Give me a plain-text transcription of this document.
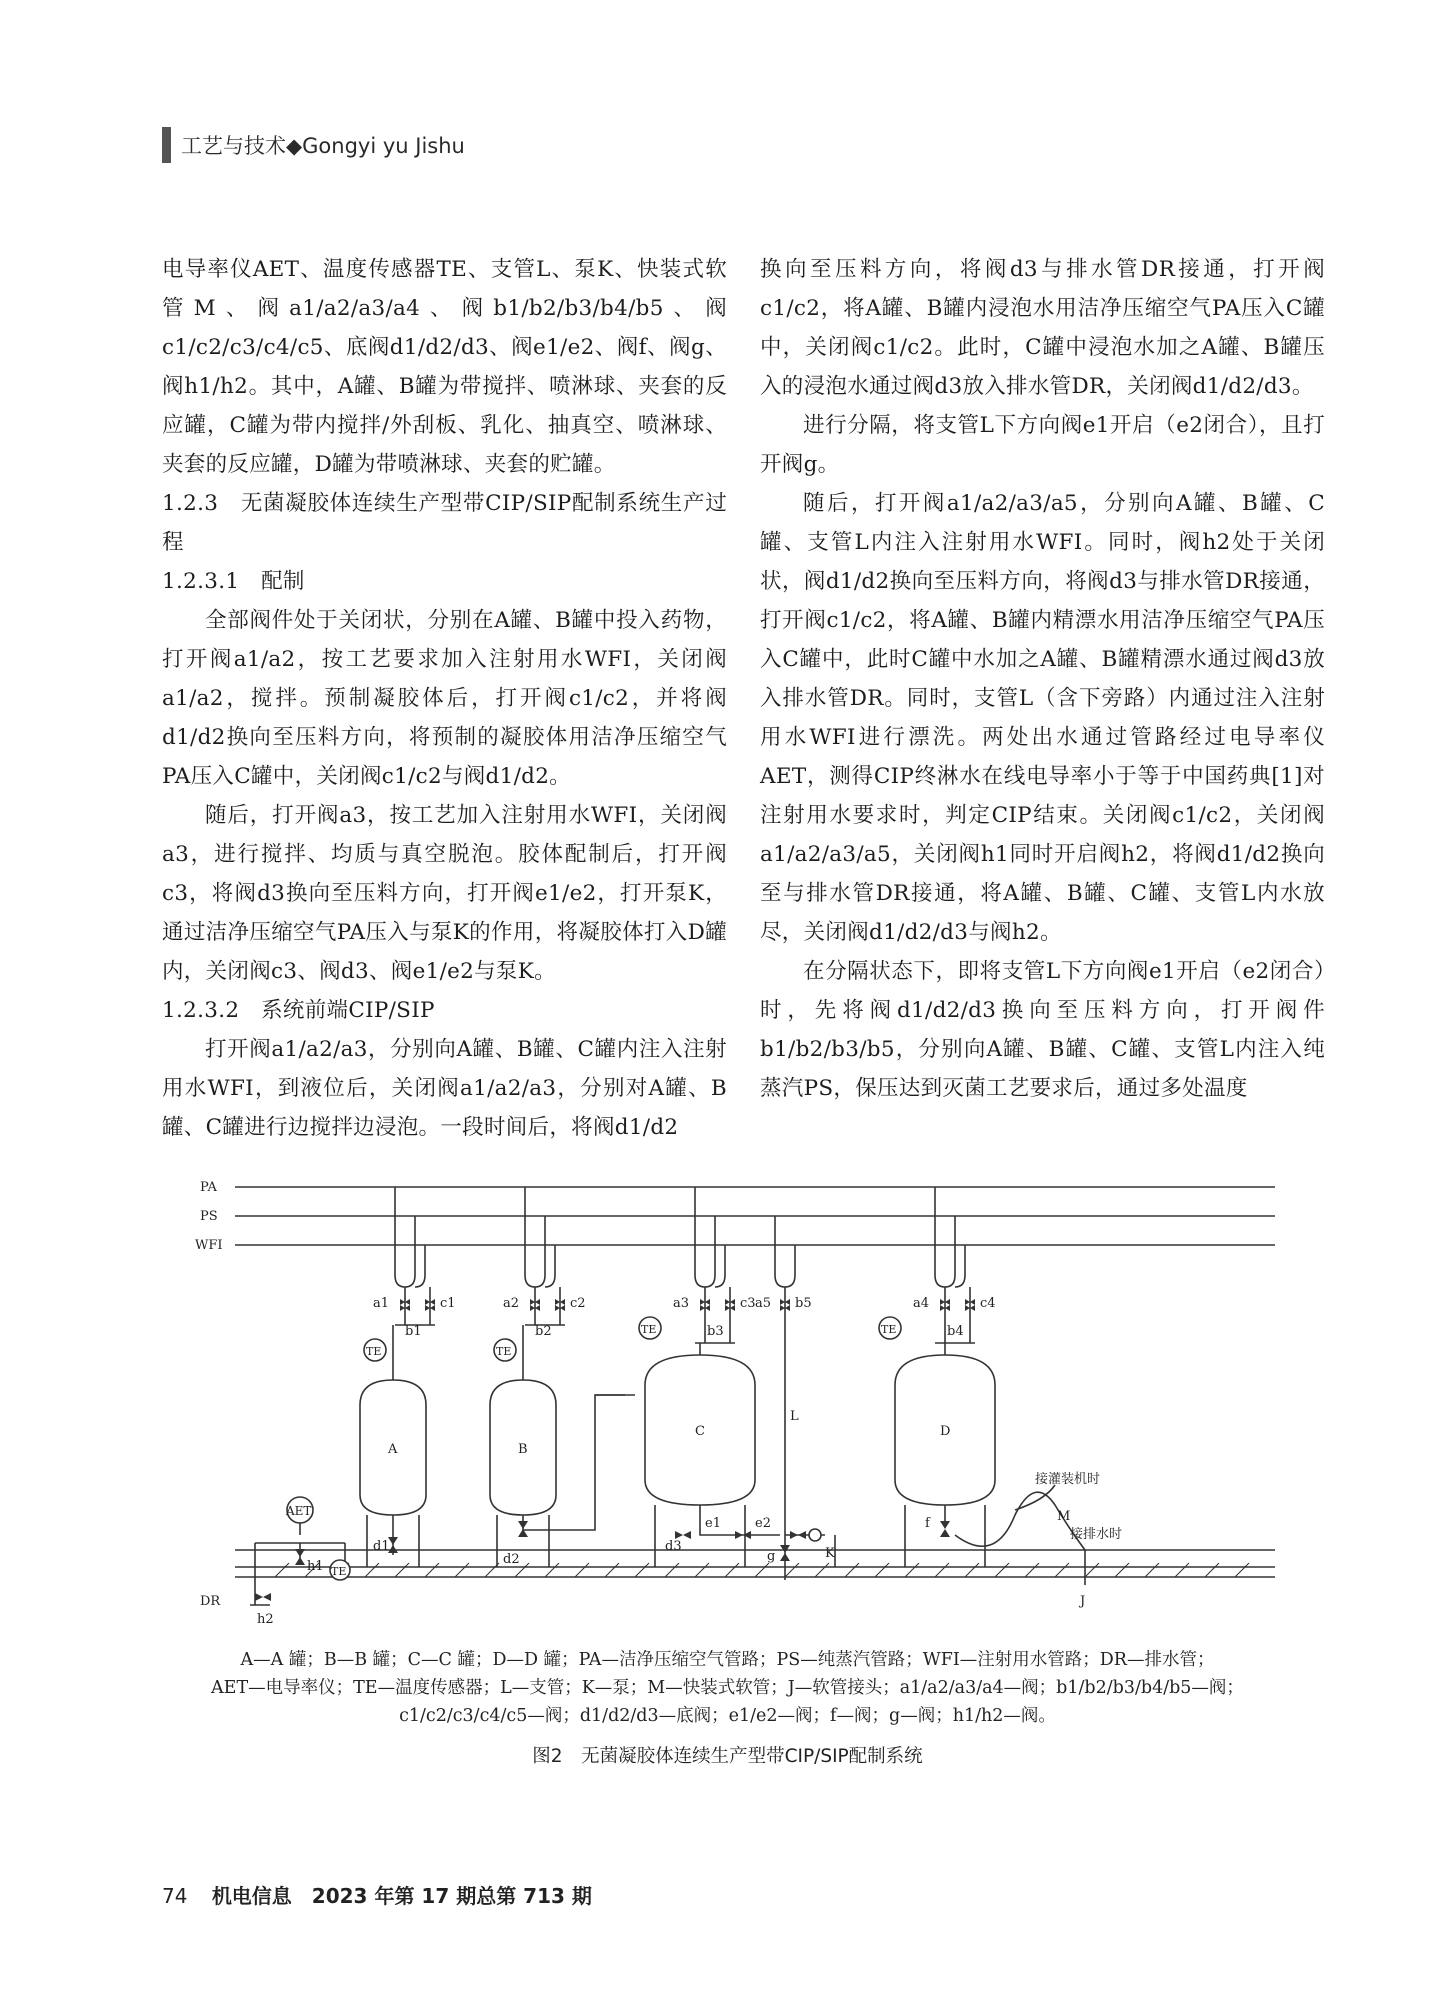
工艺与技术◆Gongyi yu Jishu

电导率仪AET、温度传感器TE、支管L、泵K、快装式软管M、阀a1/a2/a3/a4、阀b1/b2/b3/b4/b5、阀c1/c2/c3/c4/c5、底阀d1/d2/d3、阀e1/e2、阀f、阀g、阀h1/h2。其中，A罐、B罐为带搅拌、喷淋球、夹套的反应罐，C罐为带内搅拌/外刮板、乳化、抽真空、喷淋球、夹套的反应罐，D罐为带喷淋球、夹套的贮罐。

1.2.3　无菌凝胶体连续生产型带CIP/SIP配制系统生产过程

1.2.3.1　配制

全部阀件处于关闭状，分别在A罐、B罐中投入药物，打开阀a1/a2，按工艺要求加入注射用水WFI，关闭阀a1/a2，搅拌。预制凝胶体后，打开阀c1/c2，并将阀d1/d2换向至压料方向，将预制的凝胶体用洁净压缩空气PA压入C罐中，关闭阀c1/c2与阀d1/d2。

随后，打开阀a3，按工艺加入注射用水WFI，关闭阀a3，进行搅拌、均质与真空脱泡。胶体配制后，打开阀c3，将阀d3换向至压料方向，打开阀e1/e2，打开泵K，通过洁净压缩空气PA压入与泵K的作用，将凝胶体打入D罐内，关闭阀c3、阀d3、阀e1/e2与泵K。

1.2.3.2　系统前端CIP/SIP

打开阀a1/a2/a3，分别向A罐、B罐、C罐内注入注射用水WFI，到液位后，关闭阀a1/a2/a3，分别对A罐、B罐、C罐进行边搅拌边浸泡。一段时间后，将阀d1/d2

换向至压料方向，将阀d3与排水管DR接通，打开阀c1/c2，将A罐、B罐内浸泡水用洁净压缩空气PA压入C罐中，关闭阀c1/c2。此时，C罐中浸泡水加之A罐、B罐压入的浸泡水通过阀d3放入排水管DR，关闭阀d1/d2/d3。

进行分隔，将支管L下方向阀e1开启（e2闭合），且打开阀g。

随后，打开阀a1/a2/a3/a5，分别向A罐、B罐、C罐、支管L内注入注射用水WFI。同时，阀h2处于关闭状，阀d1/d2换向至压料方向，将阀d3与排水管DR接通，打开阀c1/c2，将A罐、B罐内精漂水用洁净压缩空气PA压入C罐中，此时C罐中水加之A罐、B罐精漂水通过阀d3放入排水管DR。同时，支管L（含下旁路）内通过注入注射用水WFI进行漂洗。两处出水通过管路经过电导率仪AET，测得CIP终淋水在线电导率小于等于中国药典[1]对注射用水要求时，判定CIP结束。关闭阀c1/c2，关闭阀a1/a2/a3/a5，关闭阀h1同时开启阀h2，将阀d1/d2换向至与排水管DR接通，将A罐、B罐、C罐、支管L内水放尽，关闭阀d1/d2/d3与阀h2。

在分隔状态下，即将支管L下方向阀e1开启（e2闭合）时，先将阀d1/d2/d3换向至压料方向，打开阀件b1/b2/b3/b5，分别向A罐、B罐、C罐、支管L内注入纯蒸汽PS，保压达到灭菌工艺要求后，通过多处温度

PA
PS
WFI
DR
A	B
C	D
a1
b1
c1	a2
b2
c2	a3
b3
c3 a5 b5	a4
b4
c4
TE	TE
TE	TE
TE
AET
L
d1
d2
d3
e1	e2
g	K
f
h1
h2
M
J
接灌装机时
接排水时
A—A 罐；B—B 罐；C—C 罐；D—D 罐；PA—洁净压缩空气管路；PS—纯蒸汽管路；WFI—注射用水管路；DR—排水管；
AET—电导率仪；TE—温度传感器；L—支管；K—泵；M—快装式软管；J—软管接头；a1/a2/a3/a4—阀；b1/b2/b3/b4/b5—阀；
c1/c2/c3/c4/c5—阀；d1/d2/d3—底阀；e1/e2—阀；f—阀；g—阀；h1/h2—阀。
图2　无菌凝胶体连续生产型带CIP/SIP配制系统
74 机电信息　2023 年第 17 期总第 713 期
